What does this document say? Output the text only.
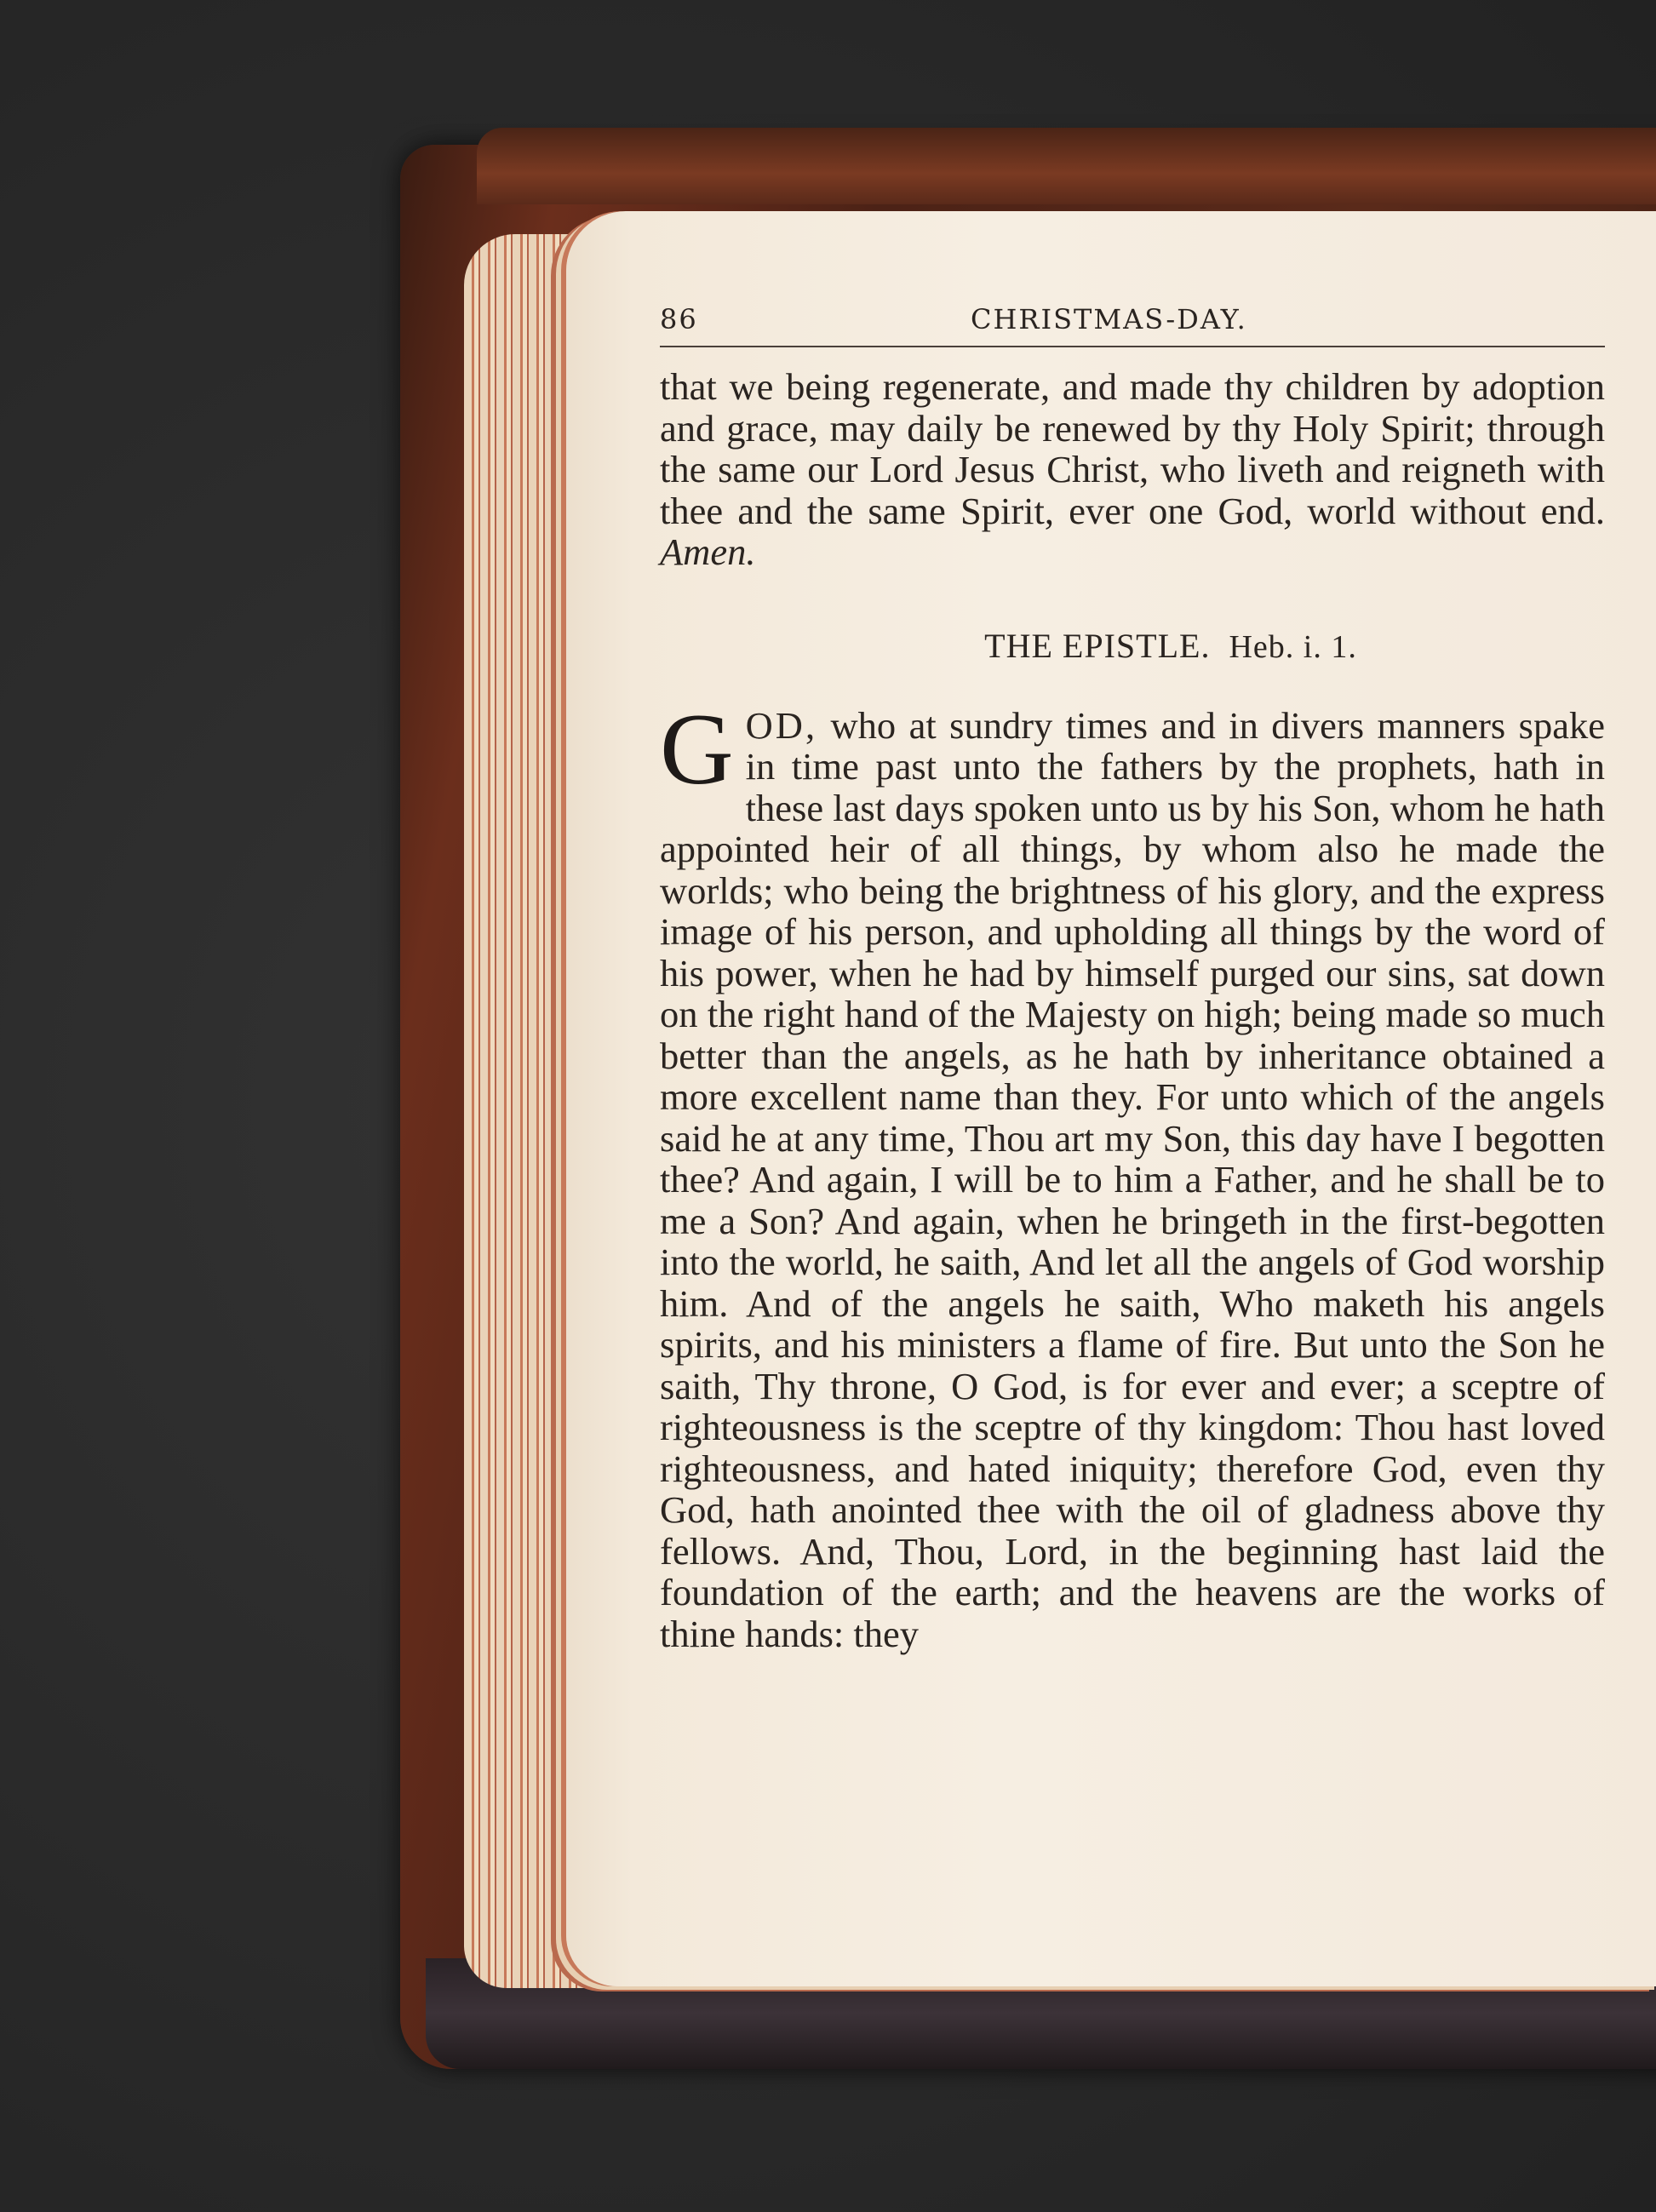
86	CHRISTMAS-DAY.

that we being regenerate, and made thy children by adoption and grace, may daily be renewed by thy Holy Spirit; through the same our Lord Jesus Christ, who liveth and reigneth with thee and the same Spirit, ever one God, world without end. Amen.

THE EPISTLE. Heb. i. 1.

GOD, who at sundry times and in divers manners spake in time past unto the fathers by the prophets, hath in these last days spoken unto us by his Son, whom he hath appointed heir of all things, by whom also he made the worlds; who being the brightness of his glory, and the express image of his person, and upholding all things by the word of his power, when he had by himself purged our sins, sat down on the right hand of the Majesty on high; being made so much better than the angels, as he hath by inheritance obtained a more excellent name than they. For unto which of the angels said he at any time, Thou art my Son, this day have I begotten thee? And again, I will be to him a Father, and he shall be to me a Son? And again, when he bringeth in the first-begotten into the world, he saith, And let all the angels of God worship him. And of the angels he saith, Who maketh his angels spirits, and his ministers a flame of fire. But unto the Son he saith, Thy throne, O God, is for ever and ever; a sceptre of righteousness is the sceptre of thy kingdom: Thou hast loved righteousness, and hated iniquity; therefore God, even thy God, hath anointed thee with the oil of gladness above thy fellows. And, Thou, Lord, in the beginning hast laid the foundation of the earth; and the heavens are the works of thine hands: they
